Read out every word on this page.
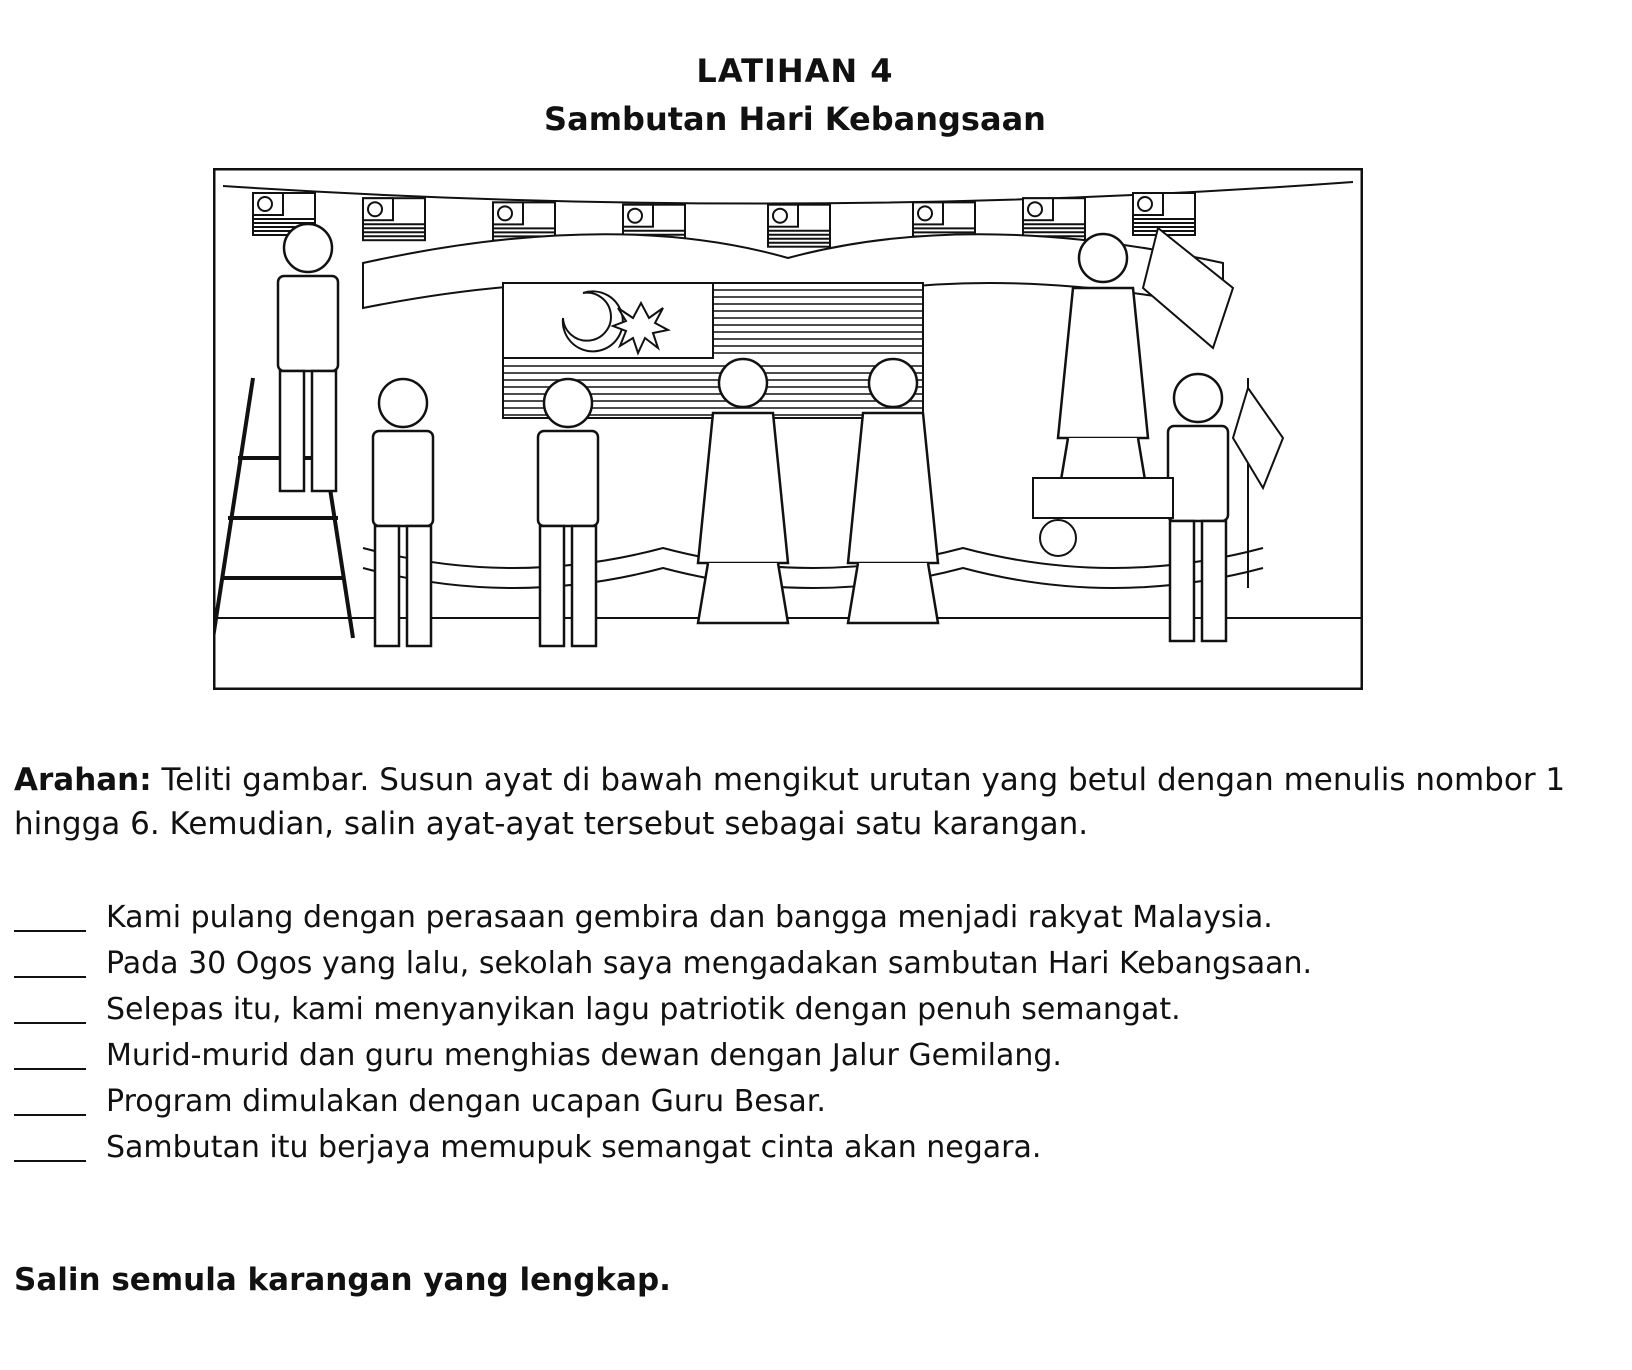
LATIHAN 4
Sambutan Hari Kebangsaan
Arahan: Teliti gambar. Susun ayat di bawah mengikut urutan yang betul dengan menulis nombor 1 hingga 6. Kemudian, salin ayat-ayat tersebut sebagai satu karangan.
Kami pulang dengan perasaan gembira dan bangga menjadi rakyat Malaysia.
Pada 30 Ogos yang lalu, sekolah saya mengadakan sambutan Hari Kebangsaan.
Selepas itu, kami menyanyikan lagu patriotik dengan penuh semangat.
Murid-murid dan guru menghias dewan dengan Jalur Gemilang.
Program dimulakan dengan ucapan Guru Besar.
Sambutan itu berjaya memupuk semangat cinta akan negara.
Salin semula karangan yang lengkap.
